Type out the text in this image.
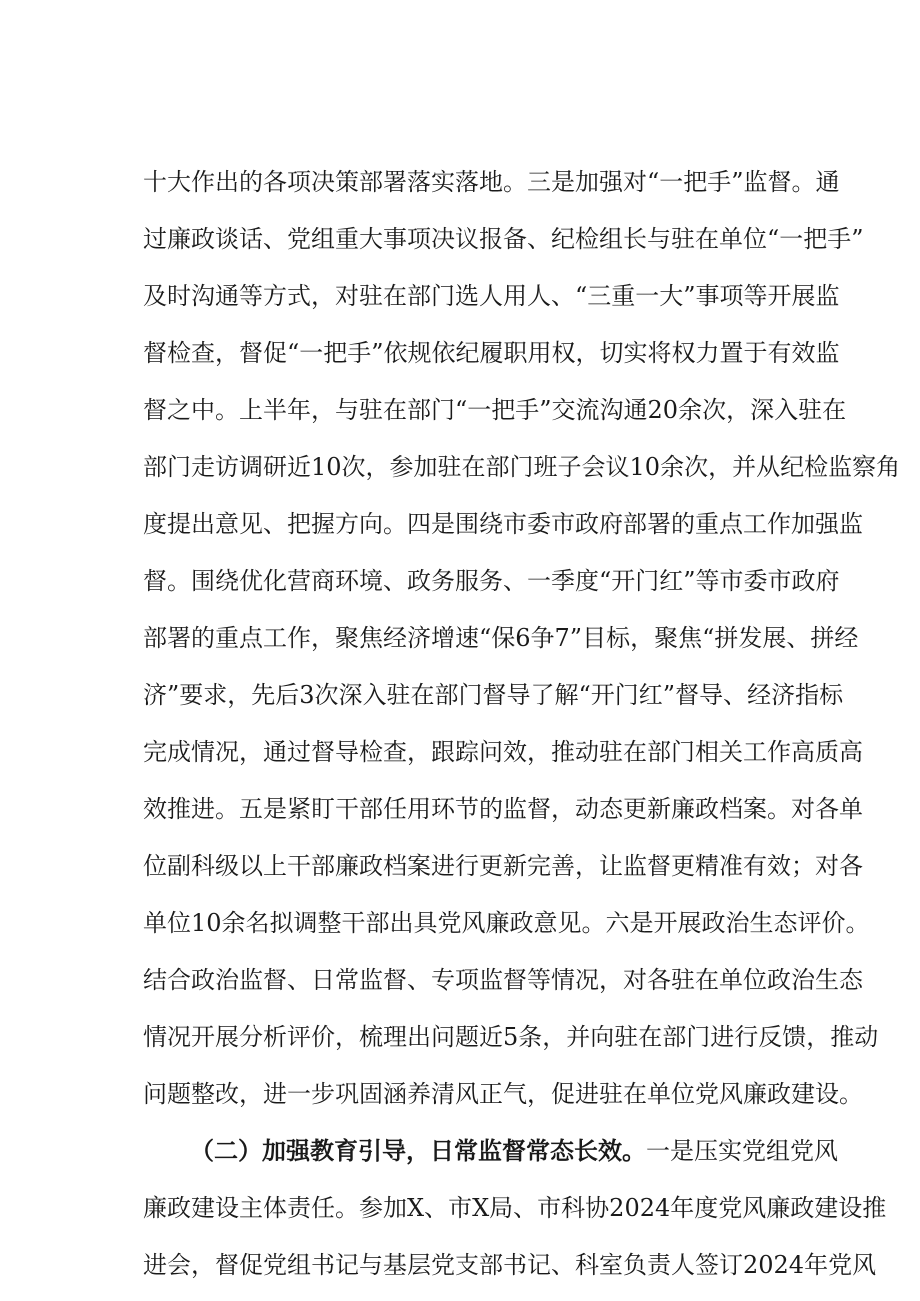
十大作出的各项决策部署落实落地。三是加强对“一把手”监督。通
过廉政谈话、党组重大事项决议报备、纪检组长与驻在单位“一把手”
及时沟通等方式，对驻在部门选人用人、“三重一大”事项等开展监
督检查，督促“一把手”依规依纪履职用权，切实将权力置于有效监
督之中。上半年，与驻在部门“一把手”交流沟通20余次，深入驻在
部门走访调研近10次，参加驻在部门班子会议10余次，并从纪检监察角
度提出意见、把握方向。四是围绕市委市政府部署的重点工作加强监
督。围绕优化营商环境、政务服务、一季度“开门红”等市委市政府
部署的重点工作，聚焦经济增速“保6争7”目标，聚焦“拼发展、拼经
济”要求，先后3次深入驻在部门督导了解“开门红”督导、经济指标
完成情况，通过督导检查，跟踪问效，推动驻在部门相关工作高质高
效推进。五是紧盯干部任用环节的监督，动态更新廉政档案。对各单
位副科级以上干部廉政档案进行更新完善，让监督更精准有效；对各
单位10余名拟调整干部出具党风廉政意见。六是开展政治生态评价。
结合政治监督、日常监督、专项监督等情况，对各驻在单位政治生态
情况开展分析评价，梳理出问题近5条，并向驻在部门进行反馈，推动
问题整改，进一步巩固涵养清风正气，促进驻在单位党风廉政建设。
（二）加强教育引导，日常监督常态长效。一是压实党组党风
廉政建设主体责任。参加X、市X局、市科协2024年度党风廉政建设推
进会，督促党组书记与基层党支部书记、科室负责人签订2024年党风
